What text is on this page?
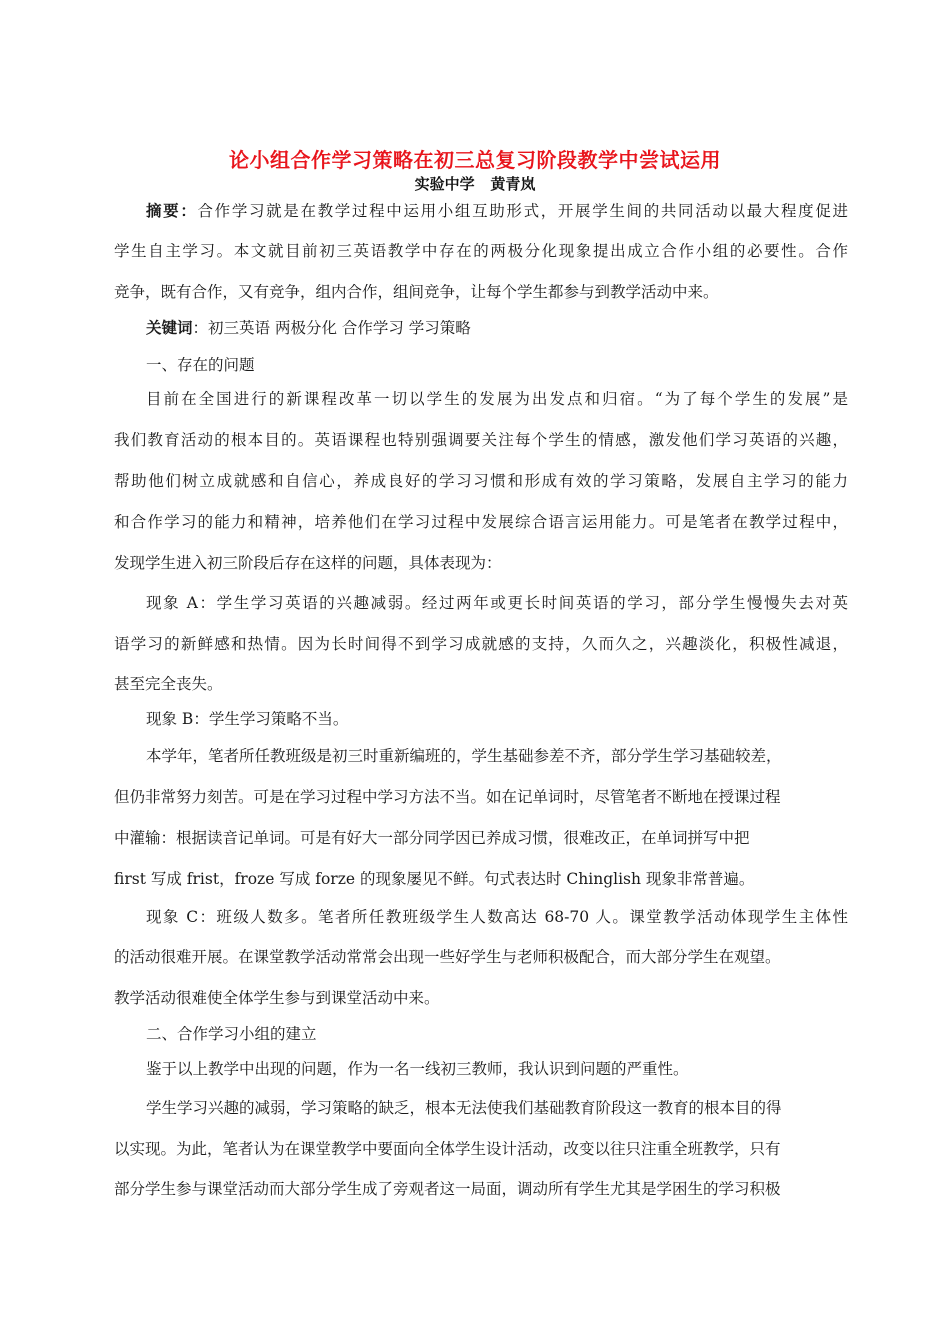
论小组合作学习策略在初三总复习阶段教学中尝试运用
实验中学   黄青岚
摘要：合作学习就是在教学过程中运用小组互助形式，开展学生间的共同活动以最大程度促进
学生自主学习。本文就目前初三英语教学中存在的两极分化现象提出成立合作小组的必要性。合作
竞争，既有合作，又有竞争，组内合作，组间竞争，让每个学生都参与到教学活动中来。
关键词：初三英语 两极分化 合作学习 学习策略
一、存在的问题
目前在全国进行的新课程改革一切以学生的发展为出发点和归宿。“为了每个学生的发展”是
我们教育活动的根本目的。英语课程也特别强调要关注每个学生的情感，激发他们学习英语的兴趣，
帮助他们树立成就感和自信心，养成良好的学习习惯和形成有效的学习策略，发展自主学习的能力
和合作学习的能力和精神，培养他们在学习过程中发展综合语言运用能力。可是笔者在教学过程中，
发现学生进入初三阶段后存在这样的问题，具体表现为：
现象 A：学生学习英语的兴趣减弱。经过两年或更长时间英语的学习，部分学生慢慢失去对英
语学习的新鲜感和热情。因为长时间得不到学习成就感的支持，久而久之，兴趣淡化，积极性减退，
甚至完全丧失。
现象 B：学生学习策略不当。
本学年，笔者所任教班级是初三时重新编班的，学生基础参差不齐，部分学生学习基础较差，
但仍非常努力刻苦。可是在学习过程中学习方法不当。如在记单词时，尽管笔者不断地在授课过程
中灌输：根据读音记单词。可是有好大一部分同学因已养成习惯，很难改正，在单词拼写中把
first 写成 frist，froze 写成 forze 的现象屡见不鲜。句式表达时 Chinglish 现象非常普遍。
现象 C：班级人数多。笔者所任教班级学生人数高达 68-70 人。课堂教学活动体现学生主体性
的活动很难开展。在课堂教学活动常常会出现一些好学生与老师积极配合，而大部分学生在观望。
教学活动很难使全体学生参与到课堂活动中来。
二、合作学习小组的建立
鉴于以上教学中出现的问题，作为一名一线初三教师，我认识到问题的严重性。
学生学习兴趣的减弱，学习策略的缺乏，根本无法使我们基础教育阶段这一教育的根本目的得
以实现。为此，笔者认为在课堂教学中要面向全体学生设计活动，改变以往只注重全班教学，只有
部分学生参与课堂活动而大部分学生成了旁观者这一局面，调动所有学生尤其是学困生的学习积极
